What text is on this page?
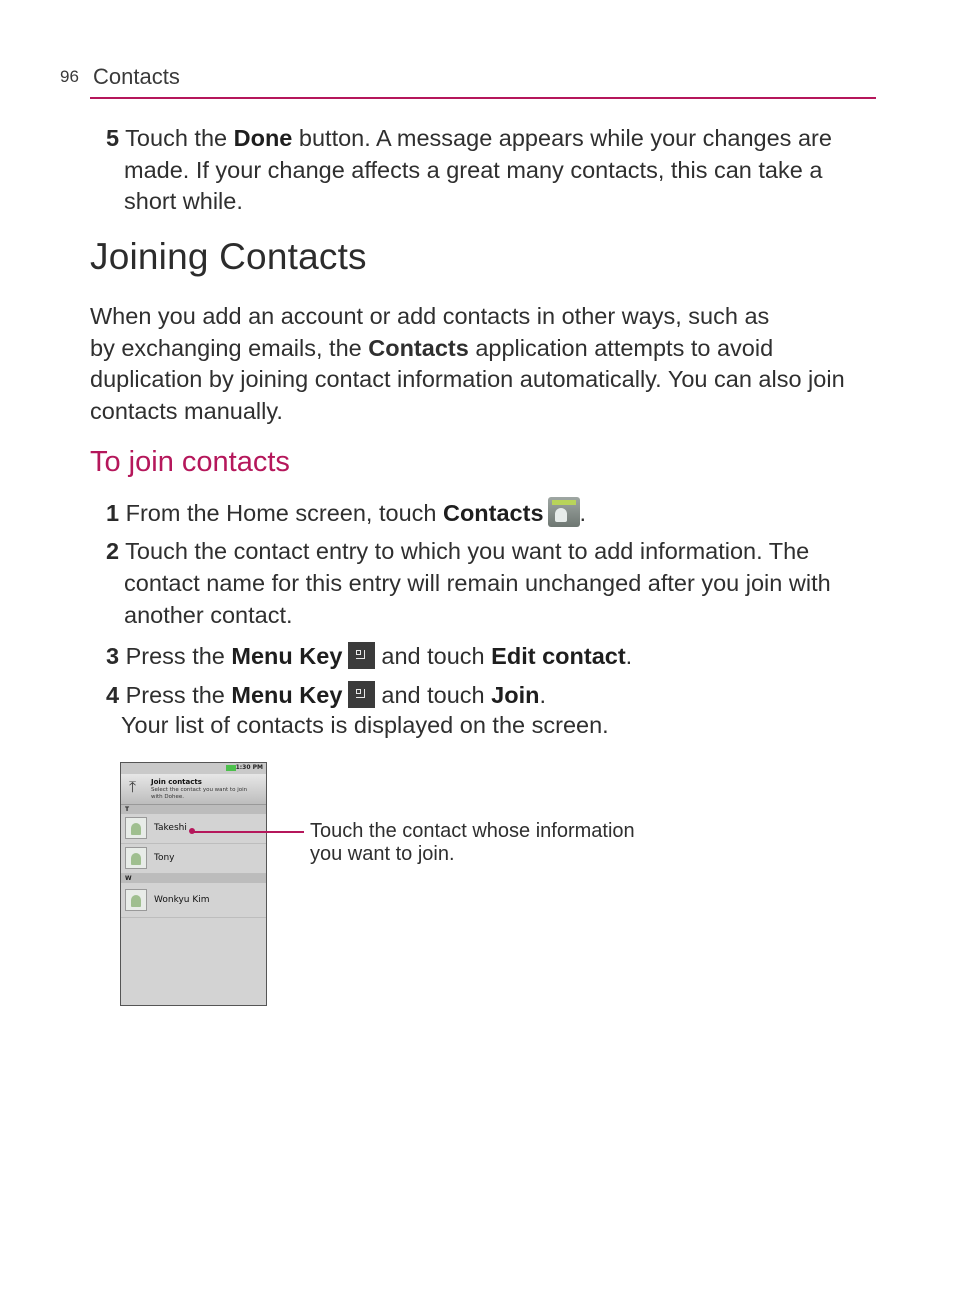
96 Contacts

5 Touch the Done button. A message appears while your changes are

made. If your change affects a great many contacts, this can take a

short while.

Joining Contacts

When you add an account or add contacts in other ways, such as

by exchanging emails, the Contacts application attempts to avoid

duplication by joining contact information automatically. You can also join

contacts manually.

To join contacts

1 From the Home screen, touch Contacts .

2 Touch the contact entry to which you want to add information. The

contact name for this entry will remain unchanged after you join with

another contact.

3 Press the Menu Key and touch Edit contact.

4 Press the Menu Key and touch Join.

Your list of contacts is displayed on the screen.

1:30 PM
⤒ Join contacts
Select the contact you want to join with Dohee.
T
Takeshi
Tony
W
Wonkyu Kim

Touch the contact whose information
you want to join.
